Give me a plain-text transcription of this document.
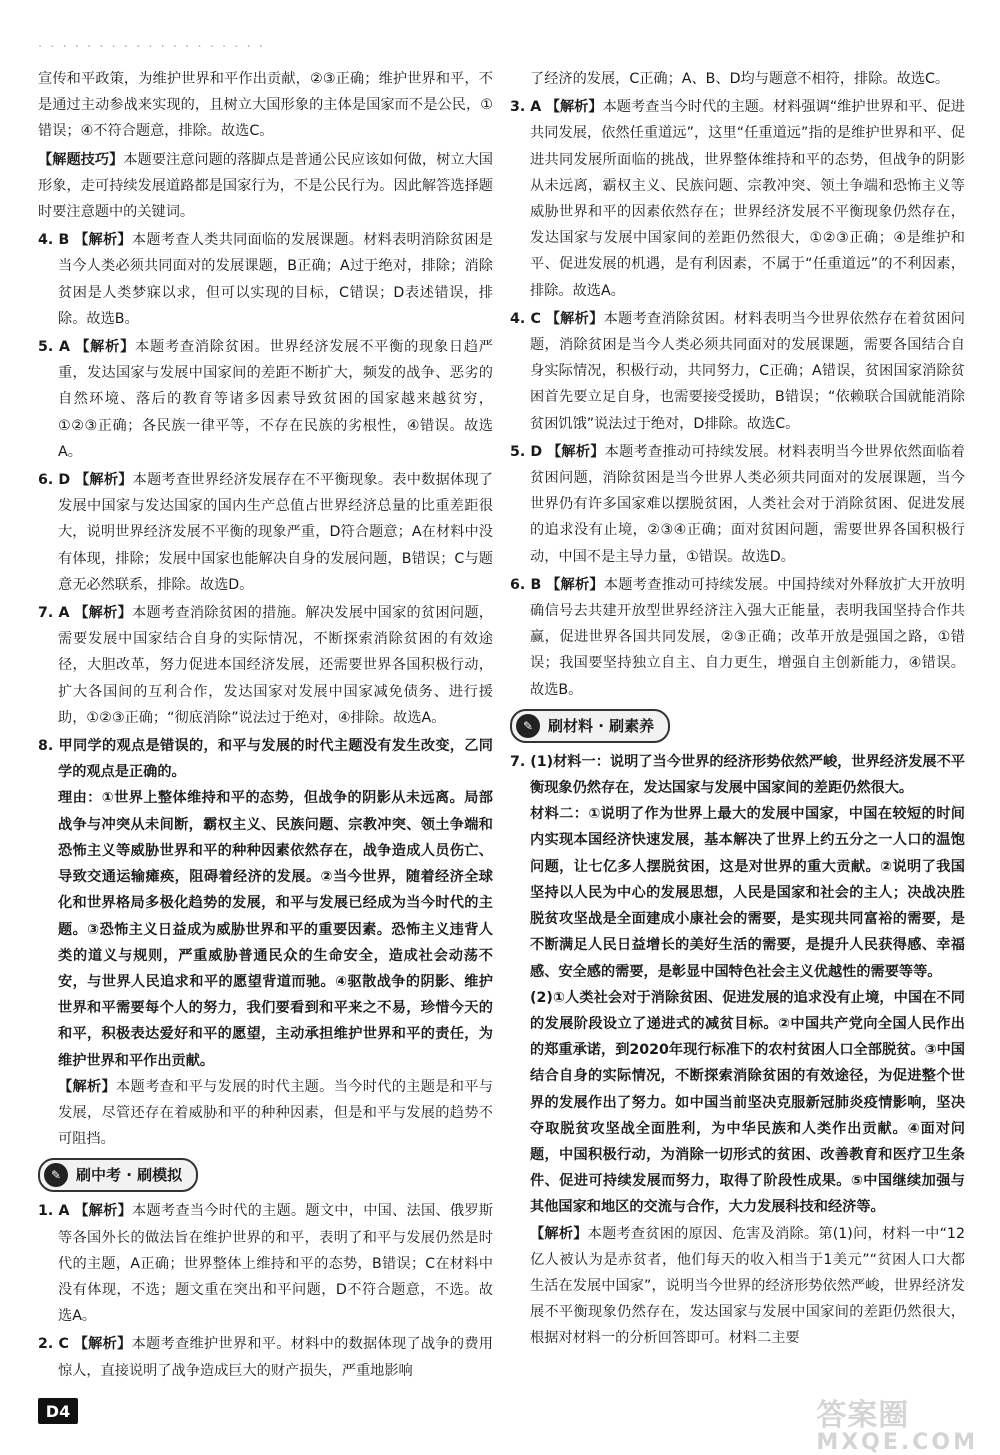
· · · · · · · · · · · · · · · · · · ·

宣传和平政策，为维护世界和平作出贡献，②③正确；维护世界和平，不是通过主动参战来实现的，且树立大国形象的主体是国家而不是公民，①错误；④不符合题意，排除。故选C。

【解题技巧】本题要注意问题的落脚点是普通公民应该如何做，树立大国形象，走可持续发展道路都是国家行为，不是公民行为。因此解答选择题时要注意题中的关键词。

4. B 【解析】本题考查人类共同面临的发展课题。材料表明消除贫困是当今人类必须共同面对的发展课题，B正确；A过于绝对，排除；消除贫困是人类梦寐以求，但可以实现的目标，C错误；D表述错误，排除。故选B。

5. A 【解析】本题考查消除贫困。世界经济发展不平衡的现象日趋严重，发达国家与发展中国家间的差距不断扩大，频发的战争、恶劣的自然环境、落后的教育等诸多因素导致贫困的国家越来越贫穷，①②③正确；各民族一律平等，不存在民族的劣根性，④错误。故选A。

6. D 【解析】本题考查世界经济发展存在不平衡现象。表中数据体现了发展中国家与发达国家的国内生产总值占世界经济总量的比重差距很大，说明世界经济发展不平衡的现象严重，D符合题意；A在材料中没有体现，排除；发展中国家也能解决自身的发展问题，B错误；C与题意无必然联系，排除。故选D。

7. A 【解析】本题考查消除贫困的措施。解决发展中国家的贫困问题，需要发展中国家结合自身的实际情况，不断探索消除贫困的有效途径，大胆改革，努力促进本国经济发展，还需要世界各国积极行动，扩大各国间的互利合作，发达国家对发展中国家减免债务、进行援助，①②③正确；“彻底消除”说法过于绝对，④排除。故选A。

8. 甲同学的观点是错误的，和平与发展的时代主题没有发生改变，乙同学的观点是正确的。

理由：①世界上整体维持和平的态势，但战争的阴影从未远离。局部战争与冲突从未间断，霸权主义、民族问题、宗教冲突、领土争端和恐怖主义等威胁世界和平的种种因素依然存在，战争造成人员伤亡、导致交通运输瘫痪，阻碍着经济的发展。②当今世界，随着经济全球化和世界格局多极化趋势的发展，和平与发展已经成为当今时代的主题。③恐怖主义日益成为威胁世界和平的重要因素。恐怖主义违背人类的道义与规则，严重威胁普通民众的生命安全，造成社会动荡不安，与世界人民追求和平的愿望背道而驰。④驱散战争的阴影、维护世界和平需要每个人的努力，我们要看到和平来之不易，珍惜今天的和平，积极表达爱好和平的愿望，主动承担维护世界和平的责任，为维护世界和平作出贡献。

【解析】本题考查和平与发展的时代主题。当今时代的主题是和平与发展，尽管还存在着威胁和平的种种因素，但是和平与发展的趋势不可阻挡。

✎ 刷中考 · 刷模拟

1. A 【解析】本题考查当今时代的主题。题文中，中国、法国、俄罗斯等各国外长的做法旨在维护世界的和平，表明了和平与发展仍然是时代的主题，A正确；世界整体上维持和平的态势，B错误；C在材料中没有体现，不选；题文重在突出和平问题，D不符合题意，不选。故选A。

2. C 【解析】本题考查维护世界和平。材料中的数据体现了战争的费用惊人，直接说明了战争造成巨大的财产损失，严重地影响

了经济的发展，C正确；A、B、D均与题意不相符，排除。故选C。

3. A 【解析】本题考查当今时代的主题。材料强调“维护世界和平、促进共同发展，依然任重道远”，这里“任重道远”指的是维护世界和平、促进共同发展所面临的挑战，世界整体维持和平的态势，但战争的阴影从未远离，霸权主义、民族问题、宗教冲突、领土争端和恐怖主义等威胁世界和平的因素依然存在；世界经济发展不平衡现象仍然存在，发达国家与发展中国家间的差距仍然很大，①②③正确；④是维护和平、促进发展的机遇，是有利因素，不属于“任重道远”的不利因素，排除。故选A。

4. C 【解析】本题考查消除贫困。材料表明当今世界依然存在着贫困问题，消除贫困是当今人类必须共同面对的发展课题，需要各国结合自身实际情况，积极行动，共同努力，C正确；A错误，贫困国家消除贫困首先要立足自身，也需要接受援助，B错误；“依赖联合国就能消除贫困饥饿”说法过于绝对，D排除。故选C。

5. D 【解析】本题考查推动可持续发展。材料表明当今世界依然面临着贫困问题，消除贫困是当今世界人类必须共同面对的发展课题，当今世界仍有许多国家难以摆脱贫困，人类社会对于消除贫困、促进发展的追求没有止境，②③④正确；面对贫困问题，需要世界各国积极行动，中国不是主导力量，①错误。故选D。

6. B 【解析】本题考查推动可持续发展。中国持续对外释放扩大开放明确信号去共建开放型世界经济注入强大正能量，表明我国坚持合作共赢，促进世界各国共同发展，②③正确；改革开放是强国之路，①错误；我国要坚持独立自主、自力更生，增强自主创新能力，④错误。故选B。

✎ 刷材料 · 刷素养

7. (1)材料一：说明了当今世界的经济形势依然严峻，世界经济发展不平衡现象仍然存在，发达国家与发展中国家间的差距仍然很大。

材料二：①说明了作为世界上最大的发展中国家，中国在较短的时间内实现本国经济快速发展，基本解决了世界上约五分之一人口的温饱问题，让七亿多人摆脱贫困，这是对世界的重大贡献。②说明了我国坚持以人民为中心的发展思想，人民是国家和社会的主人；决战决胜脱贫攻坚战是全面建成小康社会的需要，是实现共同富裕的需要，是不断满足人民日益增长的美好生活的需要，是提升人民获得感、幸福感、安全感的需要，是彰显中国特色社会主义优越性的需要等等。

(2)①人类社会对于消除贫困、促进发展的追求没有止境，中国在不同的发展阶段设立了递进式的减贫目标。②中国共产党向全国人民作出的郑重承诺，到2020年现行标准下的农村贫困人口全部脱贫。③中国结合自身的实际情况，不断探索消除贫困的有效途径，为促进整个世界的发展作出了努力。如中国当前坚决克服新冠肺炎疫情影响，坚决夺取脱贫攻坚战全面胜利，为中华民族和人类作出贡献。④面对问题，中国积极行动，为消除一切形式的贫困、改善教育和医疗卫生条件、促进可持续发展而努力，取得了阶段性成果。⑤中国继续加强与其他国家和地区的交流与合作，大力发展科技和经济等。

【解析】本题考查贫困的原因、危害及消除。第(1)问，材料一中“12亿人被认为是赤贫者，他们每天的收入相当于1美元”“贫困人口大都生活在发展中国家”，说明当今世界的经济形势依然严峻，世界经济发展不平衡现象仍然存在，发达国家与发展中国家间的差距仍然很大，根据对材料一的分析回答即可。材料二主要

D4	答案圈
MXQE.COM
